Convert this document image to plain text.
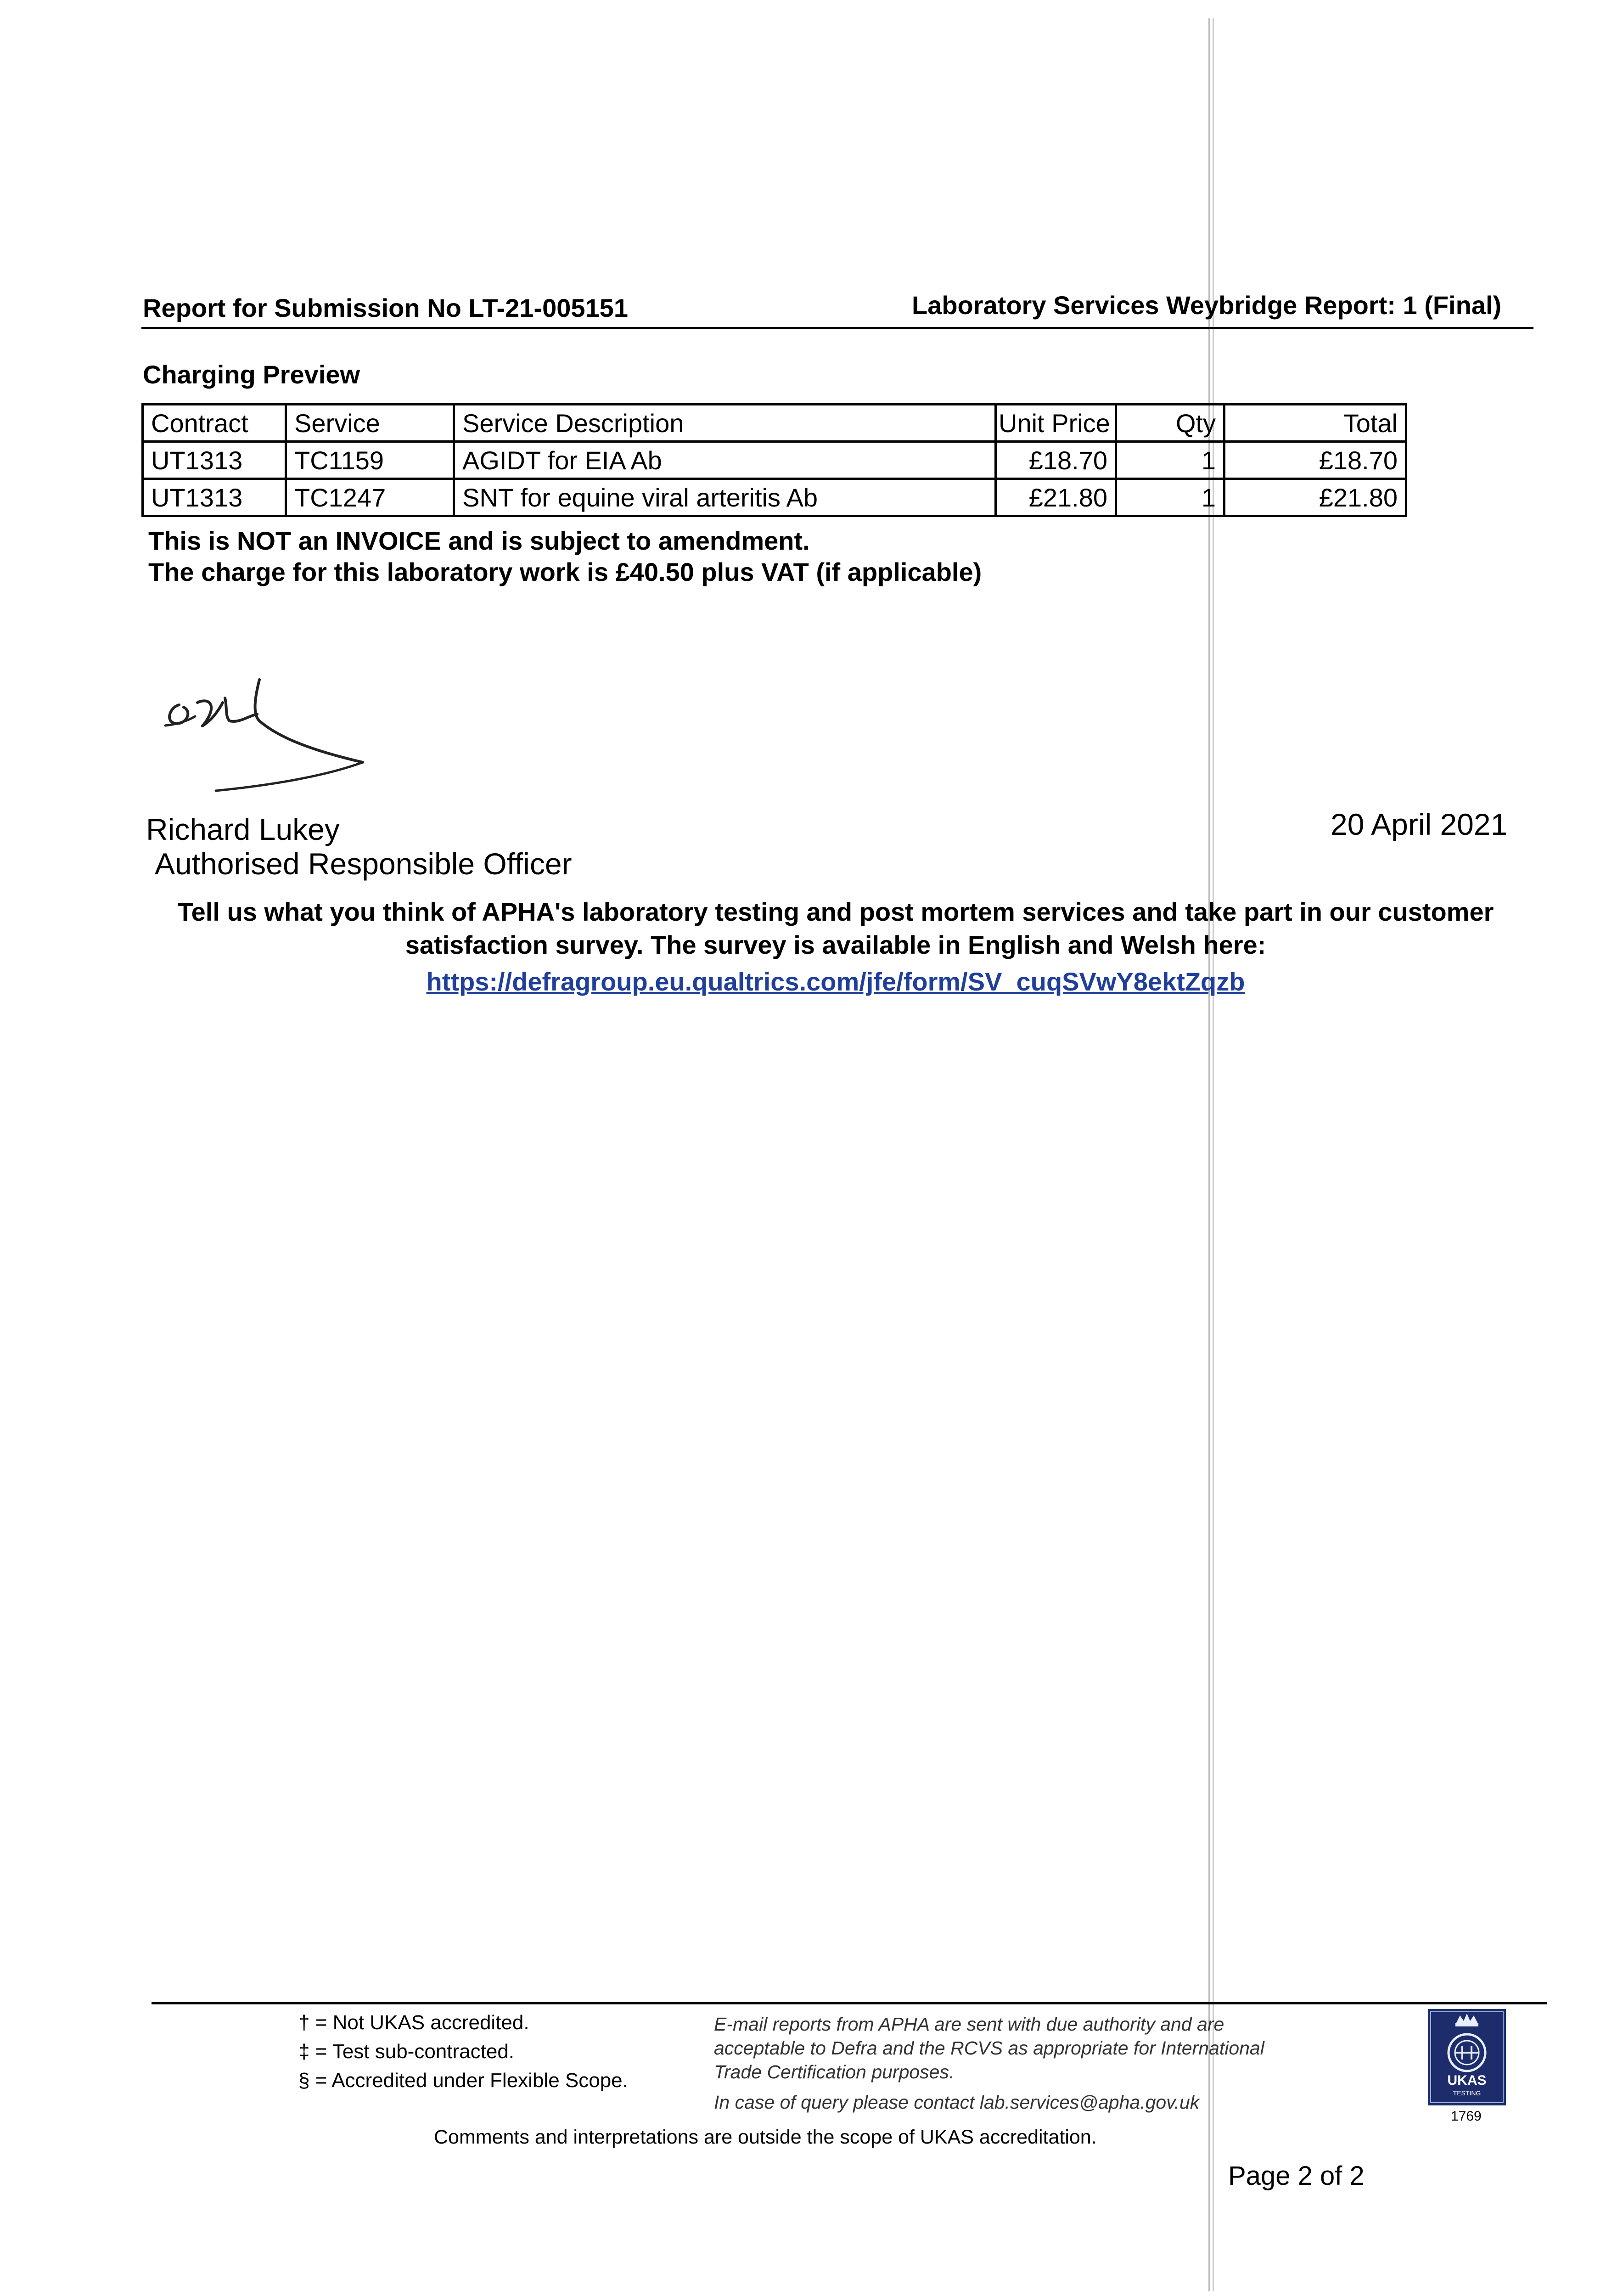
Report for Submission No LT-21-005151	Laboratory Services Weybridge Report: 1 (Final)
Charging Preview
Contract	Service	Service Description	Unit Price	Qty	Total
UT1313	TC1159	AGIDT for EIA Ab	£18.70	1	£18.70
UT1313	TC1247	SNT for equine viral arteritis Ab	£21.80	1	£21.80
This is NOT an INVOICE and is subject to amendment.
The charge for this laboratory work is £40.50 plus VAT (if applicable)
Richard Lukey
Authorised Responsible Officer
20 April 2021
Tell us what you think of APHA's laboratory testing and post mortem services and take part in our customer
satisfaction survey. The survey is available in English and Welsh here:
https://defragroup.eu.qualtrics.com/jfe/form/SV_cuqSVwY8ektZqzb
† = Not UKAS accredited.
‡ = Test sub-contracted.
§ = Accredited under Flexible Scope.
E-mail reports from APHA are sent with due authority and are
acceptable to Defra and the RCVS as appropriate for International
Trade Certification purposes.
In case of query please contact lab.services@apha.gov.uk
Comments and interpretations are outside the scope of UKAS accreditation.
Page 2 of 2
UKAS
TESTING
1769
